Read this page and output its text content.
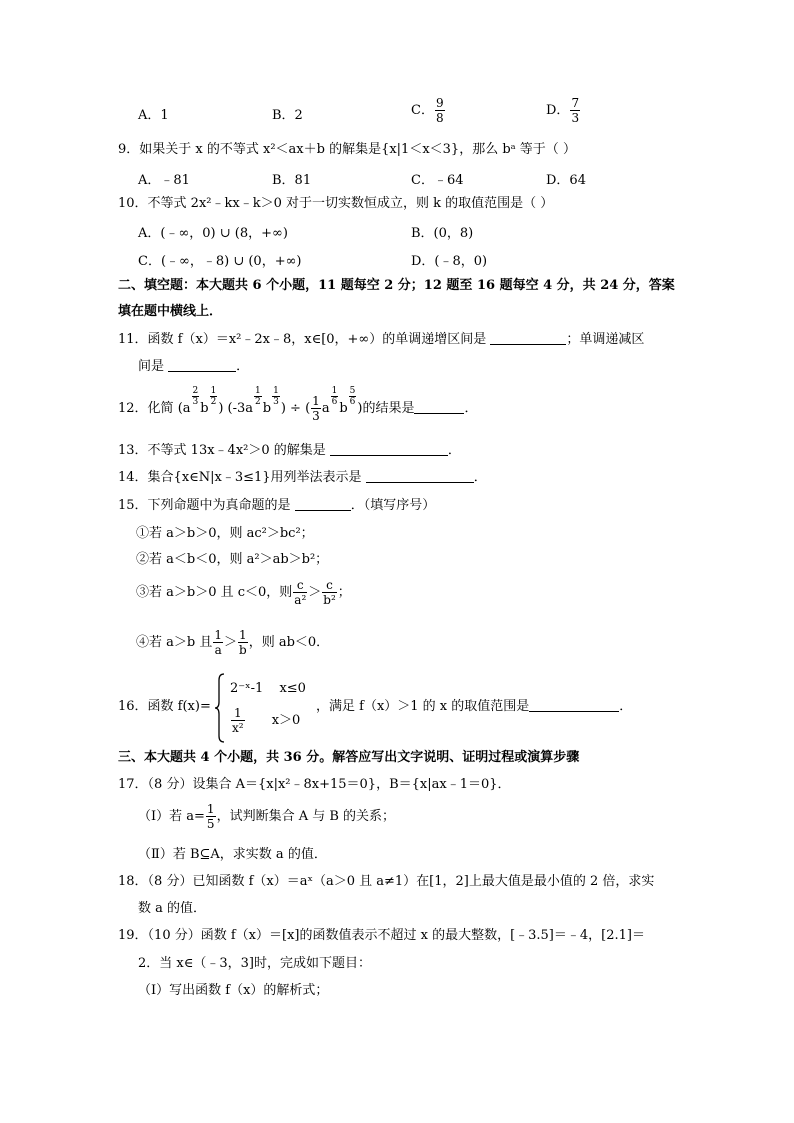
A．1	B．2	C． $\frac{9}{8}$	D． $\frac{7}{3}$
9．如果关于 x 的不等式 x²＜ax＋b 的解集是{x|1＜x＜3}，那么 bᵃ 等于（ ）
A．﹣81	B．81	C．﹣64	D．64
10．不等式 2x²﹣kx﹣k＞0 对于一切实数恒成立，则 k 的取值范围是（ ）
A．(﹣∞，0) ∪ (8，+∞)	B．(0，8)
C．(﹣∞，﹣8) ∪ (0，+∞)	D．(﹣8，0)
二、填空题：本大题共 6 个小题，11 题每空 2 分；12 题至 16 题每空 4 分，共 24 分，答案
填在题中横线上．
11．函数 f（x）＝x²﹣2x﹣8，x∈[0，+∞）的单调递增区间是	；单调递减区
间是	．
12．化简 (a
$\frac{2}{3}$
b
$\frac{1}{2}$
) (-3a
$\frac{1}{2}$
b
$\frac{1}{3}$
) ÷ ( $\frac{1}{3}$ a
$\frac{1}{6}$
b
$\frac{5}{6}$
)的结果是	．
13．不等式 13x﹣4x²＞0 的解集是	．
14．集合{x∈N|x﹣3≤1}用列举法表示是	．
15．下列命题中为真命题的是	．（填写序号）
①若 a＞b＞0，则 ac²＞bc²；
②若 a＜b＜0，则 a²＞ab＞b²；
③若 a＞b＞0 且 c＜0，则 $\frac{c}{\text{a²}} > \frac{c}{\text{b²}}$ ；
④若 a＞b 且 $\frac{1}{a} > \frac{1}{b}$ ，则 ab＜0．
16．函数 f(x)=
2⁻ˣ-1 x≤0
$\frac{1}{\text{x²}} x>0$
，满足 f（x）＞1 的 x 的取值范围是	．
三、本大题共 4 个小题，共 36 分。解答应写出文字说明、证明过程或演算步骤
17．（8 分）设集合 A＝{x|x²﹣8x+15＝0}，B＝{x|ax﹣1＝0}．
（Ⅰ）若 $a= \frac{1}{5}$ ，试判断集合 A 与 B 的关系；
（Ⅱ）若 B⊆A，求实数 a 的值．
18．（8 分）已知函数 f（x）＝aˣ（a＞0 且 a≠1）在[1，2]上最大值是最小值的 2 倍，求实
数 a 的值．
19．（10 分）函数 f（x）＝[x]的函数值表示不超过 x 的最大整数，[﹣3.5]＝﹣4，[2.1]＝
2．当 x∈（﹣3，3]时，完成如下题目：
（Ⅰ）写出函数 f（x）的解析式；
